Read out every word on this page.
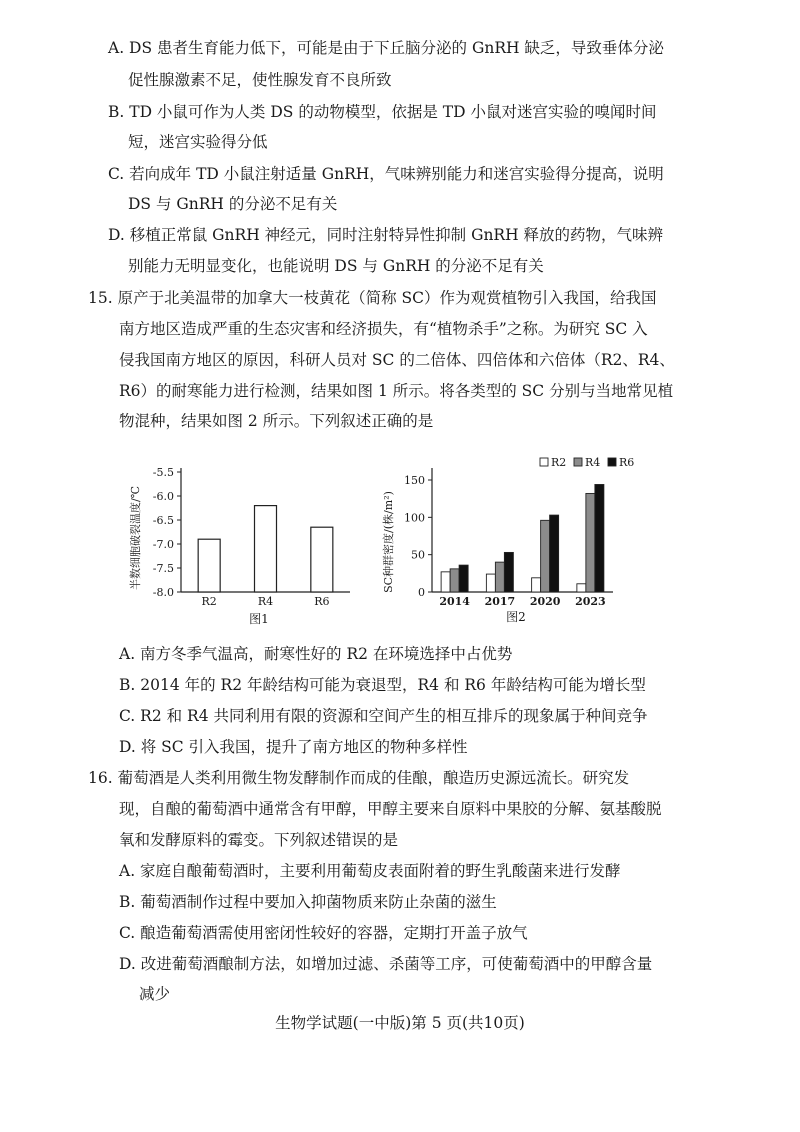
A. DS 患者生育能力低下，可能是由于下丘脑分泌的 GnRH 缺乏，导致垂体分泌
促性腺激素不足，使性腺发育不良所致
B. TD 小鼠可作为人类 DS 的动物模型，依据是 TD 小鼠对迷宫实验的嗅闻时间
短，迷宫实验得分低
C. 若向成年 TD 小鼠注射适量 GnRH，气味辨别能力和迷宫实验得分提高，说明
DS 与 GnRH 的分泌不足有关
D. 移植正常鼠 GnRH 神经元，同时注射特异性抑制 GnRH 释放的药物，气味辨
别能力无明显变化，也能说明 DS 与 GnRH 的分泌不足有关
15. 原产于北美温带的加拿大一枝黄花（简称 SC）作为观赏植物引入我国，给我国
南方地区造成严重的生态灾害和经济损失，有“植物杀手”之称。为研究 SC 入
侵我国南方地区的原因，科研人员对 SC 的二倍体、四倍体和六倍体（R2、R4、
R6）的耐寒能力进行检测，结果如图 1 所示。将各类型的 SC 分别与当地常见植
物混种，结果如图 2 所示。下列叙述正确的是
-5.5
-6.0
-6.5
-7.0
-7.5
-8.0
R2	R4	R6
半数细胞破裂温度/℃
图1
0
50
100
150
2014 2017 2020 2023
R2 R4 R6
SC种群密度/(株/m²)
图2
A. 南方冬季气温高，耐寒性好的 R2 在环境选择中占优势
B. 2014 年的 R2 年龄结构可能为衰退型，R4 和 R6 年龄结构可能为增长型
C. R2 和 R4 共同利用有限的资源和空间产生的相互排斥的现象属于种间竞争
D. 将 SC 引入我国，提升了南方地区的物种多样性
16. 葡萄酒是人类利用微生物发酵制作而成的佳酿，酿造历史源远流长。研究发
现，自酿的葡萄酒中通常含有甲醇，甲醇主要来自原料中果胶的分解、氨基酸脱
氧和发酵原料的霉变。下列叙述错误的是
A. 家庭自酿葡萄酒时，主要利用葡萄皮表面附着的野生乳酸菌来进行发酵
B. 葡萄酒制作过程中要加入抑菌物质来防止杂菌的滋生
C. 酿造葡萄酒需使用密闭性较好的容器，定期打开盖子放气
D. 改进葡萄酒酿制方法，如增加过滤、杀菌等工序，可使葡萄酒中的甲醇含量
减少
生物学试题(一中版)第 5 页(共10页)
